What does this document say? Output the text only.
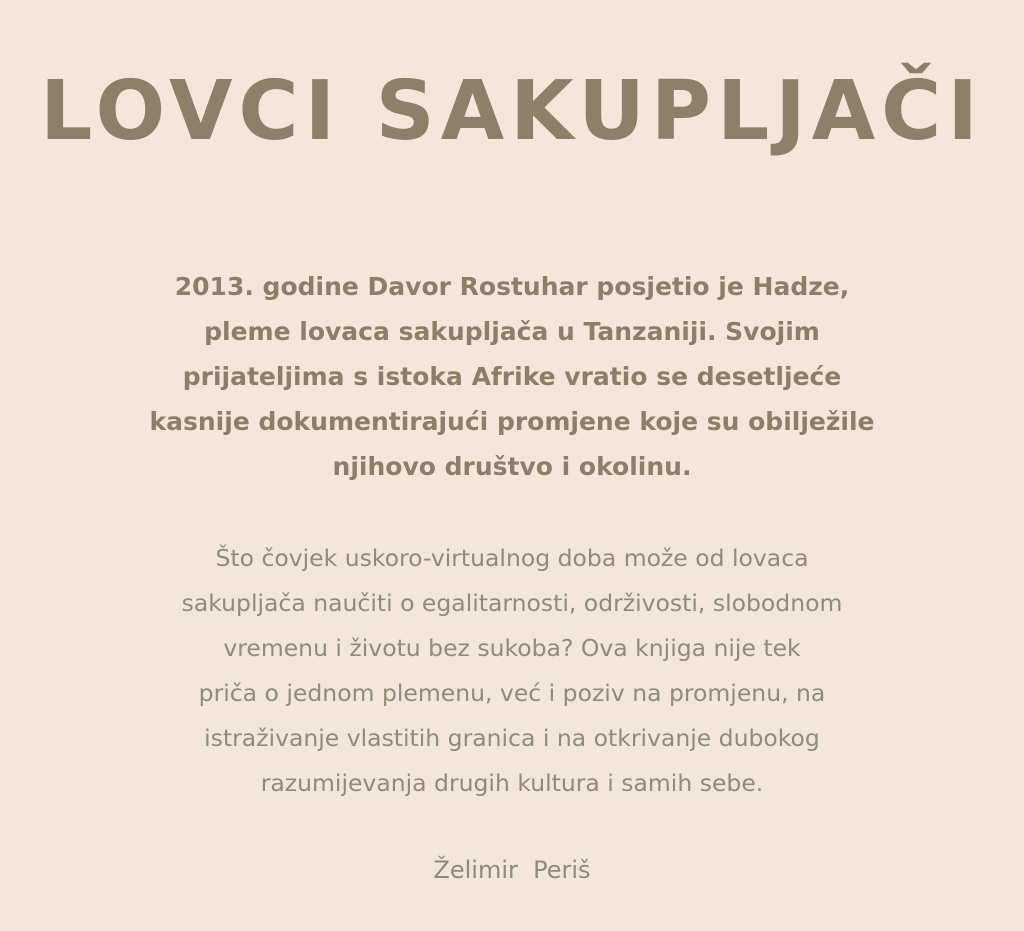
LOVCI SAKUPLJAČI

2013. godine Davor Rostuhar posjetio je Hadze,
pleme lovaca sakupljača u Tanzaniji. Svojim
prijateljima s istoka Afrike vratio se desetljeće
kasnije dokumentirajući promjene koje su obilježile
njihovo društvo i okolinu.

Što čovjek uskoro-virtualnog doba može od lovaca
sakupljača naučiti o egalitarnosti, održivosti, slobodnom
vremenu i životu bez sukoba? Ova knjiga nije tek
priča o jednom plemenu, već i poziv na promjenu, na
istraživanje vlastitih granica i na otkrivanje dubokog
razumijevanja drugih kultura i samih sebe.

Želimir  Periš
